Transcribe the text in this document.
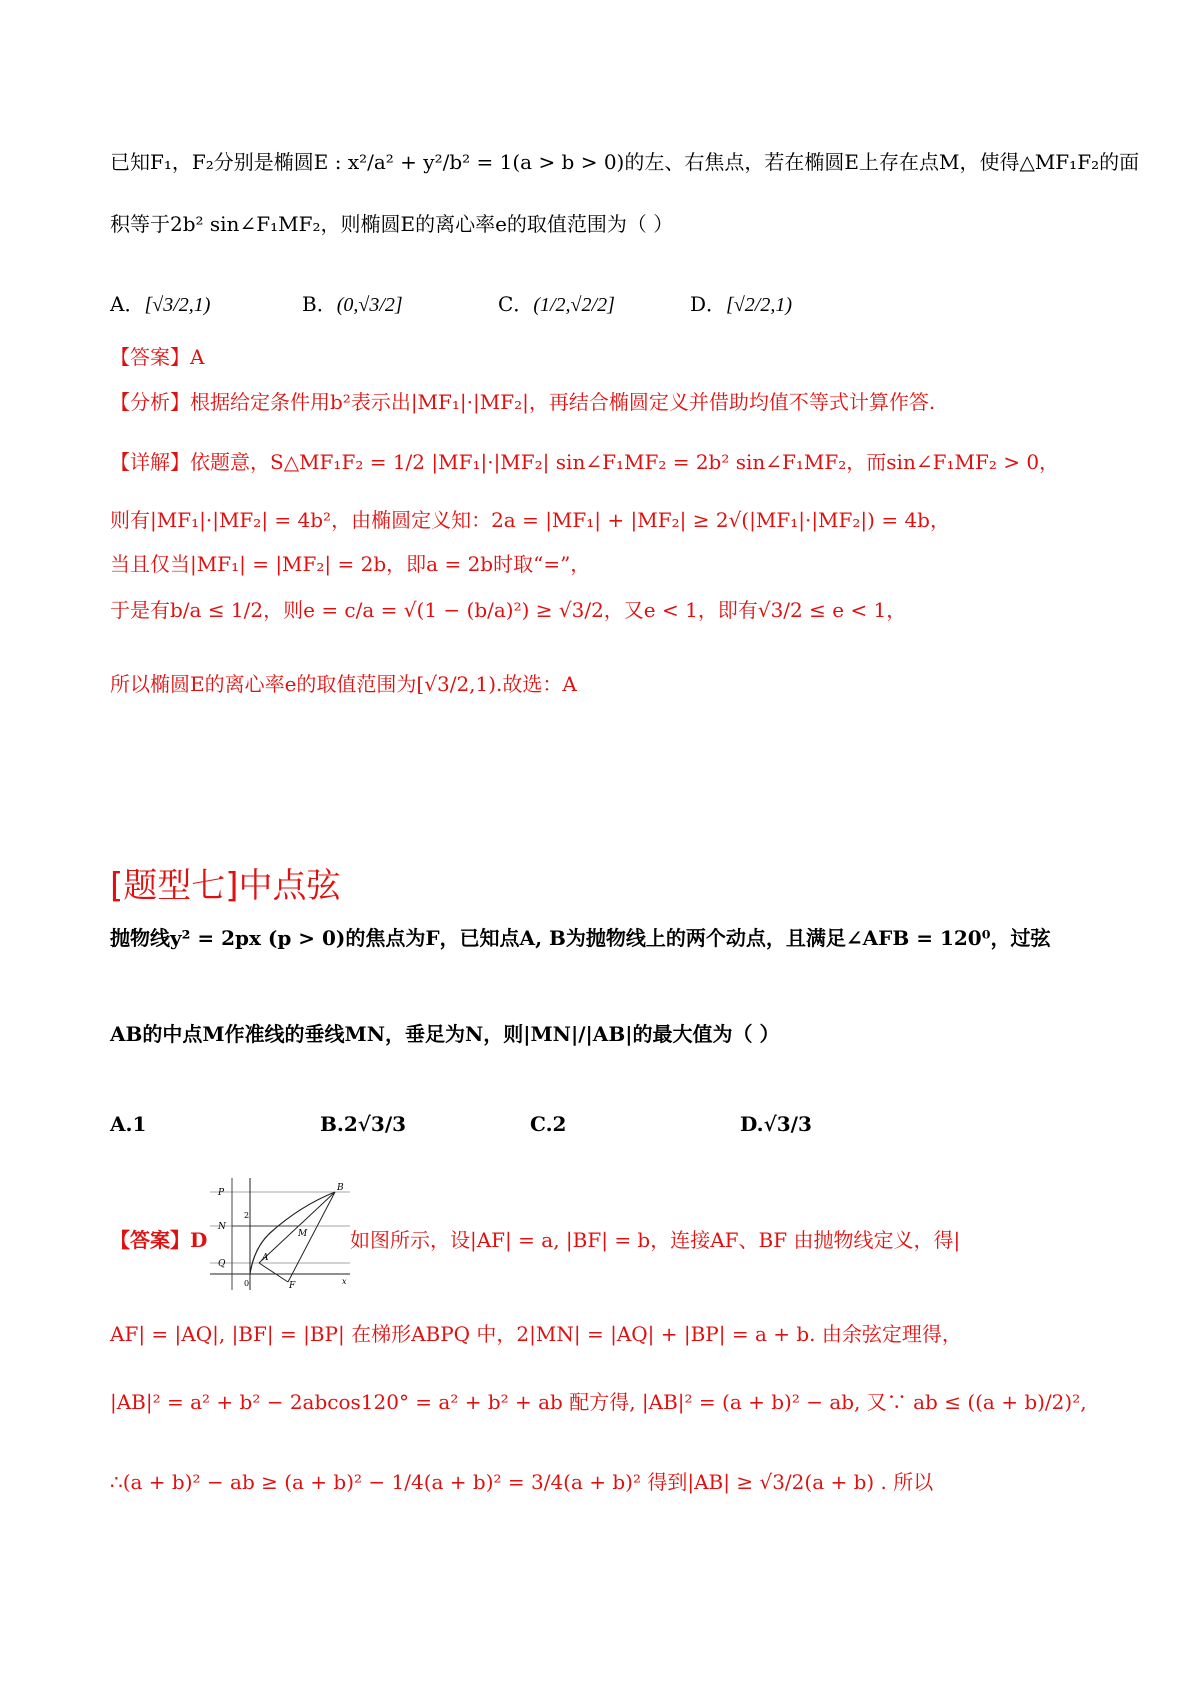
已知F₁，F₂分别是椭圆E : x²/a² + y²/b² = 1(a > b > 0)的左、右焦点，若在椭圆E上存在点M，使得△MF₁F₂的面
积等于2b² sin∠F₁MF₂，则椭圆E的离心率e的取值范围为（ ）
A．[√3/2,1)	B．(0,√3/2]	C．(1/2,√2/2]	D．[√2/2,1)
【答案】A
【分析】根据给定条件用b²表示出|MF₁|·|MF₂|，再结合椭圆定义并借助均值不等式计算作答.
【详解】依题意，S△MF₁F₂ = 1/2 |MF₁|·|MF₂| sin∠F₁MF₂ = 2b² sin∠F₁MF₂，而sin∠F₁MF₂ > 0，
则有|MF₁|·|MF₂| = 4b²，由椭圆定义知：2a = |MF₁| + |MF₂| ≥ 2√(|MF₁|·|MF₂|) = 4b，
当且仅当|MF₁| = |MF₂| = 2b，即a = 2b时取“=”，
于是有b/a ≤ 1/2，则e = c/a = √(1 − (b/a)²) ≥ √3/2，又e < 1，即有√3/2 ≤ e < 1，
所以椭圆E的离心率e的取值范围为[√3/2,1).故选：A
[题型七]中点弦
抛物线y² = 2px (p > 0)的焦点为F，已知点A, B为抛物线上的两个动点，且满足∠AFB = 120⁰，过弦
AB的中点M作准线的垂线MN，垂足为N，则|MN|/|AB|的最大值为（ ）
A.1	B.2√3/3	C.2	D.√3/3
【答案】D
P
N
Q
B
M
A
F
2
0	x
如图所示，设|AF| = a, |BF| = b，连接AF、BF 由抛物线定义，得|
AF| = |AQ|, |BF| = |BP| 在梯形ABPQ 中，2|MN| = |AQ| + |BP| = a + b. 由余弦定理得，
|AB|² = a² + b² − 2abcos120° = a² + b² + ab 配方得, |AB|² = (a + b)² − ab, 又∵ ab ≤ ((a + b)/2)²,
∴(a + b)² − ab ≥ (a + b)² − 1/4(a + b)² = 3/4(a + b)² 得到|AB| ≥ √3/2(a + b) . 所以
